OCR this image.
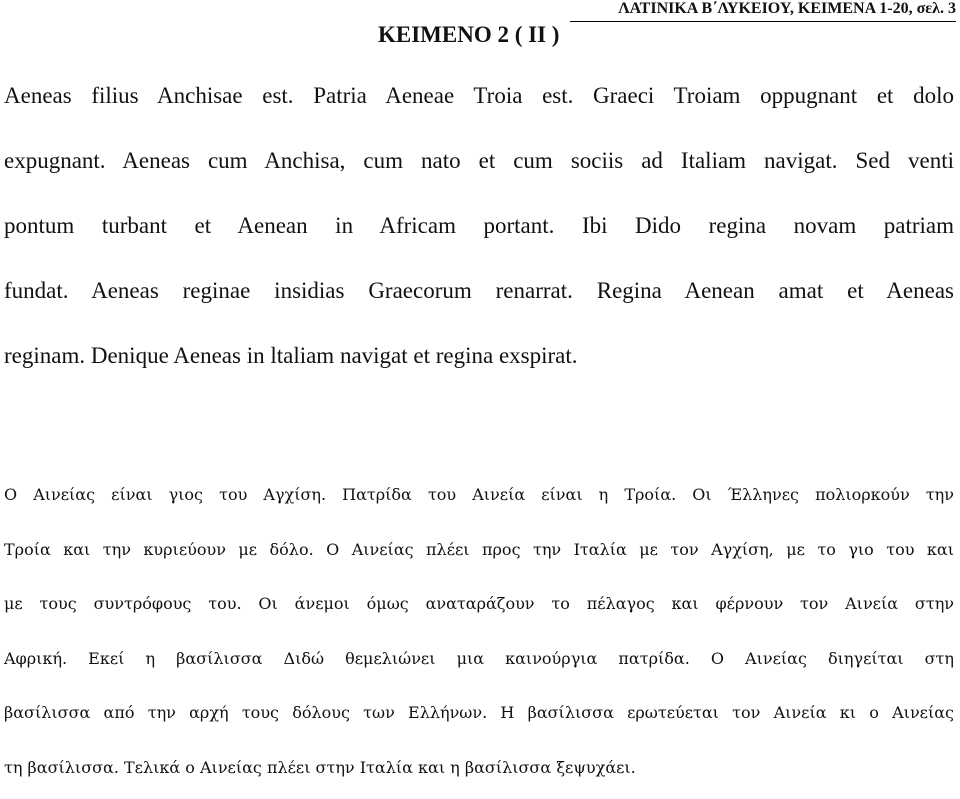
ΛΑΤΙΝΙΚΑ Β΄ΛΥΚΕΙΟΥ, ΚΕΙΜΕΝΑ 1-20, σελ. 3
ΚΕΙΜΕΝΟ 2 ( ΙΙ )
Aeneas filius Anchisae est. Patria Aeneae Troia est. Graeci Troiam oppugnant et dolo
expugnant. Aeneas cum Anchisa, cum nato et cum sociis ad Italiam navigat. Sed venti
pontum turbant et Aenean in Africam portant. Ibi Dido regina novam patriam
fundat. Aeneas reginae insidias Graecorum renarrat. Regina Aenean amat et Aeneas
reginam. Denique Aeneas in ltaliam navigat et regina exspirat.
Ο Αινείας είναι γιος του Αγχίση. Πατρίδα του Αινεία είναι η Τροία. Οι Έλληνες πολιορκούν την
Τροία και την κυριεύουν με δόλο. Ο Αινείας πλέει προς την Ιταλία με τον Αγχίση, με το γιο του και
με τους συντρόφους του. Οι άνεμοι όμως αναταράζουν το πέλαγος και φέρνουν τον Αινεία στην
Αφρική. Εκεί η βασίλισσα Διδώ θεμελιώνει μια καινούργια πατρίδα. Ο Αινείας διηγείται στη
βασίλισσα από την αρχή τους δόλους των Ελλήνων. Η βασίλισσα ερωτεύεται τον Αινεία κι ο Αινείας
τη βασίλισσα. Τελικά ο Αινείας πλέει στην Ιταλία και η βασίλισσα ξεψυχάει.
